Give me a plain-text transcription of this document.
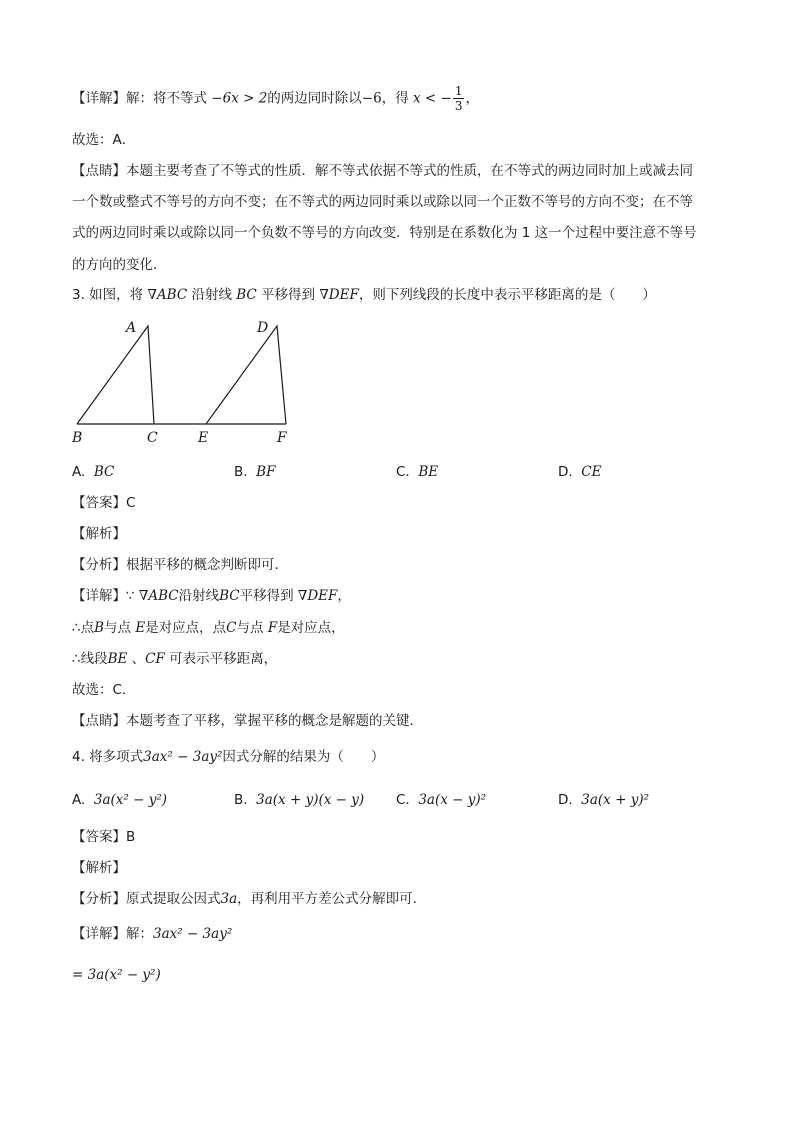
【详解】解：将不等式 −6x > 2的两边同时除以−6，得 x < − $\frac{1}{3}$ ，
故选：A．
【点睛】本题主要考查了不等式的性质．解不等式依据不等式的性质，在不等式的两边同时加上或减去同
一个数或整式不等号的方向不变；在不等式的两边同时乘以或除以同一个正数不等号的方向不变；在不等
式的两边同时乘以或除以同一个负数不等号的方向改变．特别是在系数化为 1 这一个过程中要注意不等号
的方向的变化．
3. 如图，将 ∇ABC 沿射线 BC 平移得到 ∇DEF，则下列线段的长度中表示平移距离的是（　　）
A
B	C
D
E	F
A. BC	B. BF	C. BE	D. CE
【答案】C
【解析】
【分析】根据平移的概念判断即可．
【详解】∵ ∇ABC沿射线BC平移得到 ∇DEF，
∴点B与点 E是对应点，点C与点 F是对应点，
∴线段BE 、CF 可表示平移距离，
故选：C．
【点睛】本题考查了平移，掌握平移的概念是解题的关键．
4. 将多项式3ax² − 3ay²因式分解的结果为（　　）
A. 3a(x² − y²)	B. 3a(x + y)(x − y) C. 3a(x − y)²	D. 3a(x + y)²
【答案】B
【解析】
【分析】原式提取公因式3a，再利用平方差公式分解即可．
【详解】解：3ax² − 3ay²
= 3a(x² − y²)
